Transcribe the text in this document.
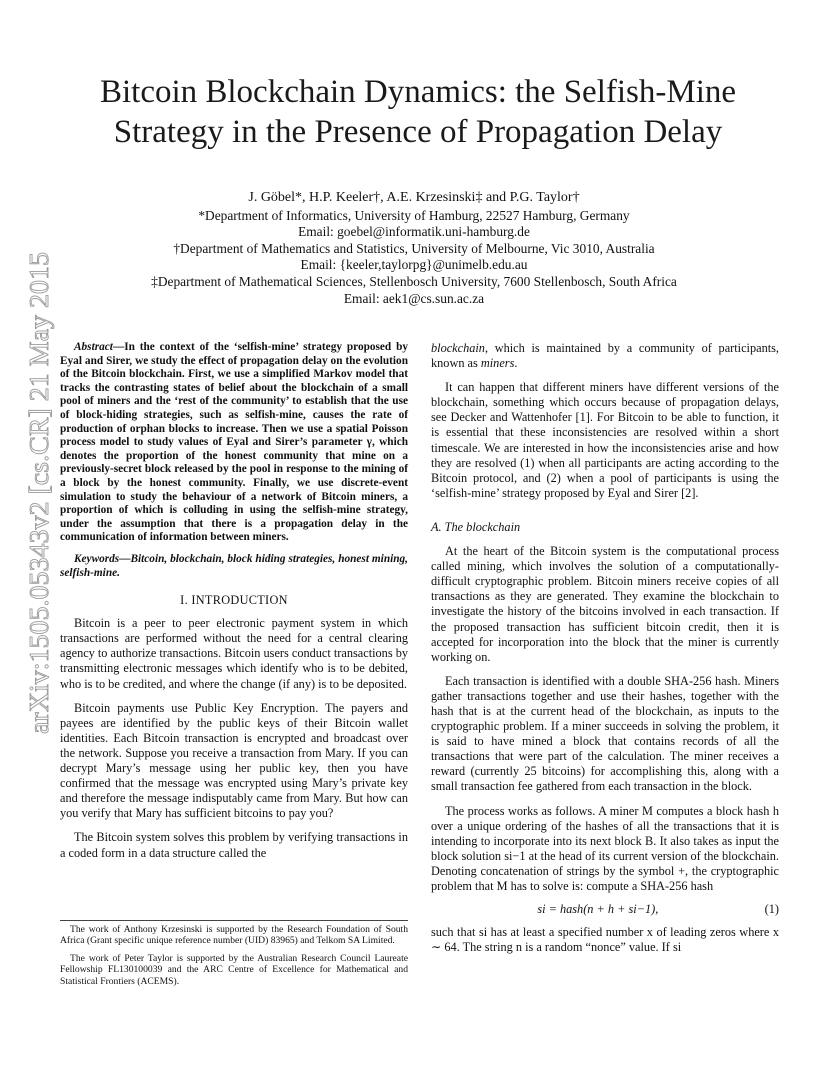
arXiv:1505.05343v2 [cs.CR] 21 May 2015
Bitcoin Blockchain Dynamics: the Selfish-Mine
Strategy in the Presence of Propagation Delay
J. Göbel*, H.P. Keeler†, A.E. Krzesinski‡ and P.G. Taylor†
*Department of Informatics, University of Hamburg, 22527 Hamburg, Germany
Email: goebel@informatik.uni-hamburg.de
†Department of Mathematics and Statistics, University of Melbourne, Vic 3010, Australia
Email: {keeler,taylorpg}@unimelb.edu.au
‡Department of Mathematical Sciences, Stellenbosch University, 7600 Stellenbosch, South Africa
Email: aek1@cs.sun.ac.za

Abstract—In the context of the ‘selfish-mine’ strategy proposed by Eyal and Sirer, we study the effect of propagation delay on the evolution of the Bitcoin blockchain. First, we use a simplified Markov model that tracks the contrasting states of belief about the blockchain of a small pool of miners and the ‘rest of the community’ to establish that the use of block-hiding strategies, such as selfish-mine, causes the rate of production of orphan blocks to increase. Then we use a spatial Poisson process model to study values of Eyal and Sirer’s parameter γ, which denotes the proportion of the honest community that mine on a previously-secret block released by the pool in response to the mining of a block by the honest community. Finally, we use discrete-event simulation to study the behaviour of a network of Bitcoin miners, a proportion of which is colluding in using the selfish-mine strategy, under the assumption that there is a propagation delay in the communication of information between miners.

Keywords—Bitcoin, blockchain, block hiding strategies, honest mining, selfish-mine.

I. INTRODUCTION

Bitcoin is a peer to peer electronic payment system in which transactions are performed without the need for a central clearing agency to authorize transactions. Bitcoin users conduct transactions by transmitting electronic messages which identify who is to be debited, who is to be credited, and where the change (if any) is to be deposited.

Bitcoin payments use Public Key Encryption. The payers and payees are identified by the public keys of their Bitcoin wallet identities. Each Bitcoin transaction is encrypted and broadcast over the network. Suppose you receive a transaction from Mary. If you can decrypt Mary’s message using her public key, then you have confirmed that the message was encrypted using Mary’s private key and therefore the message indisputably came from Mary. But how can you verify that Mary has sufficient bitcoins to pay you?

The Bitcoin system solves this problem by verifying transactions in a coded form in a data structure called the

The work of Anthony Krzesinski is supported by the Research Foundation of South Africa (Grant specific unique reference number (UID) 83965) and Telkom SA Limited.

The work of Peter Taylor is supported by the Australian Research Council Laureate Fellowship FL130100039 and the ARC Centre of Excellence for Mathematical and Statistical Frontiers (ACEMS).

blockchain, which is maintained by a community of participants, known as miners.

It can happen that different miners have different versions of the blockchain, something which occurs because of propagation delays, see Decker and Wattenhofer [1]. For Bitcoin to be able to function, it is essential that these inconsistencies are resolved within a short timescale. We are interested in how the inconsistencies arise and how they are resolved (1) when all participants are acting according to the Bitcoin protocol, and (2) when a pool of participants is using the ‘selfish-mine’ strategy proposed by Eyal and Sirer [2].

A. The blockchain

At the heart of the Bitcoin system is the computational process called mining, which involves the solution of a computationally-difficult cryptographic problem. Bitcoin miners receive copies of all transactions as they are generated. They examine the blockchain to investigate the history of the bitcoins involved in each transaction. If the proposed transaction has sufficient bitcoin credit, then it is accepted for incorporation into the block that the miner is currently working on.

Each transaction is identified with a double SHA-256 hash. Miners gather transactions together and use their hashes, together with the hash that is at the current head of the blockchain, as inputs to the cryptographic problem. If a miner succeeds in solving the problem, it is said to have mined a block that contains records of all the transactions that were part of the calculation. The miner receives a reward (currently 25 bitcoins) for accomplishing this, along with a small transaction fee gathered from each transaction in the block.

The process works as follows. A miner M computes a block hash h over a unique ordering of the hashes of all the transactions that it is intending to incorporate into its next block B. It also takes as input the block solution si−1 at the head of its current version of the blockchain. Denoting concatenation of strings by the symbol +, the cryptographic problem that M has to solve is: compute a SHA-256 hash

si = hash(n + h + si−1),	(1)

such that si has at least a specified number x of leading zeros where x ∼ 64. The string n is a random “nonce” value. If si
